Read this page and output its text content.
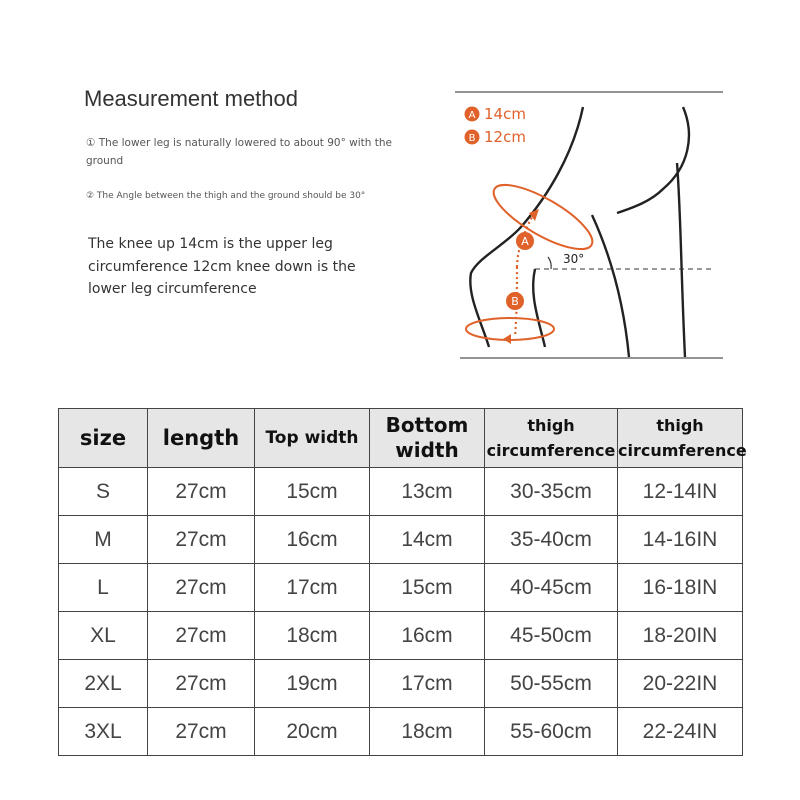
Measurement method
① The lower leg is naturally lowered to about 90° with the ground
② The Angle between the thigh and the ground should be 30°
The knee up 14cm is the upper leg circumference 12cm knee down is the lower leg circumference
30°
A
B
A 14cm
B 12cm
size	length	Top width	Bottom width	thigh circumference	thigh circumference
S	27cm	15cm	13cm	30-35cm	12-14IN
M	27cm	16cm	14cm	35-40cm	14-16IN
L	27cm	17cm	15cm	40-45cm	16-18IN
XL	27cm	18cm	16cm	45-50cm	18-20IN
2XL	27cm	19cm	17cm	50-55cm	20-22IN
3XL	27cm	20cm	18cm	55-60cm	22-24IN
